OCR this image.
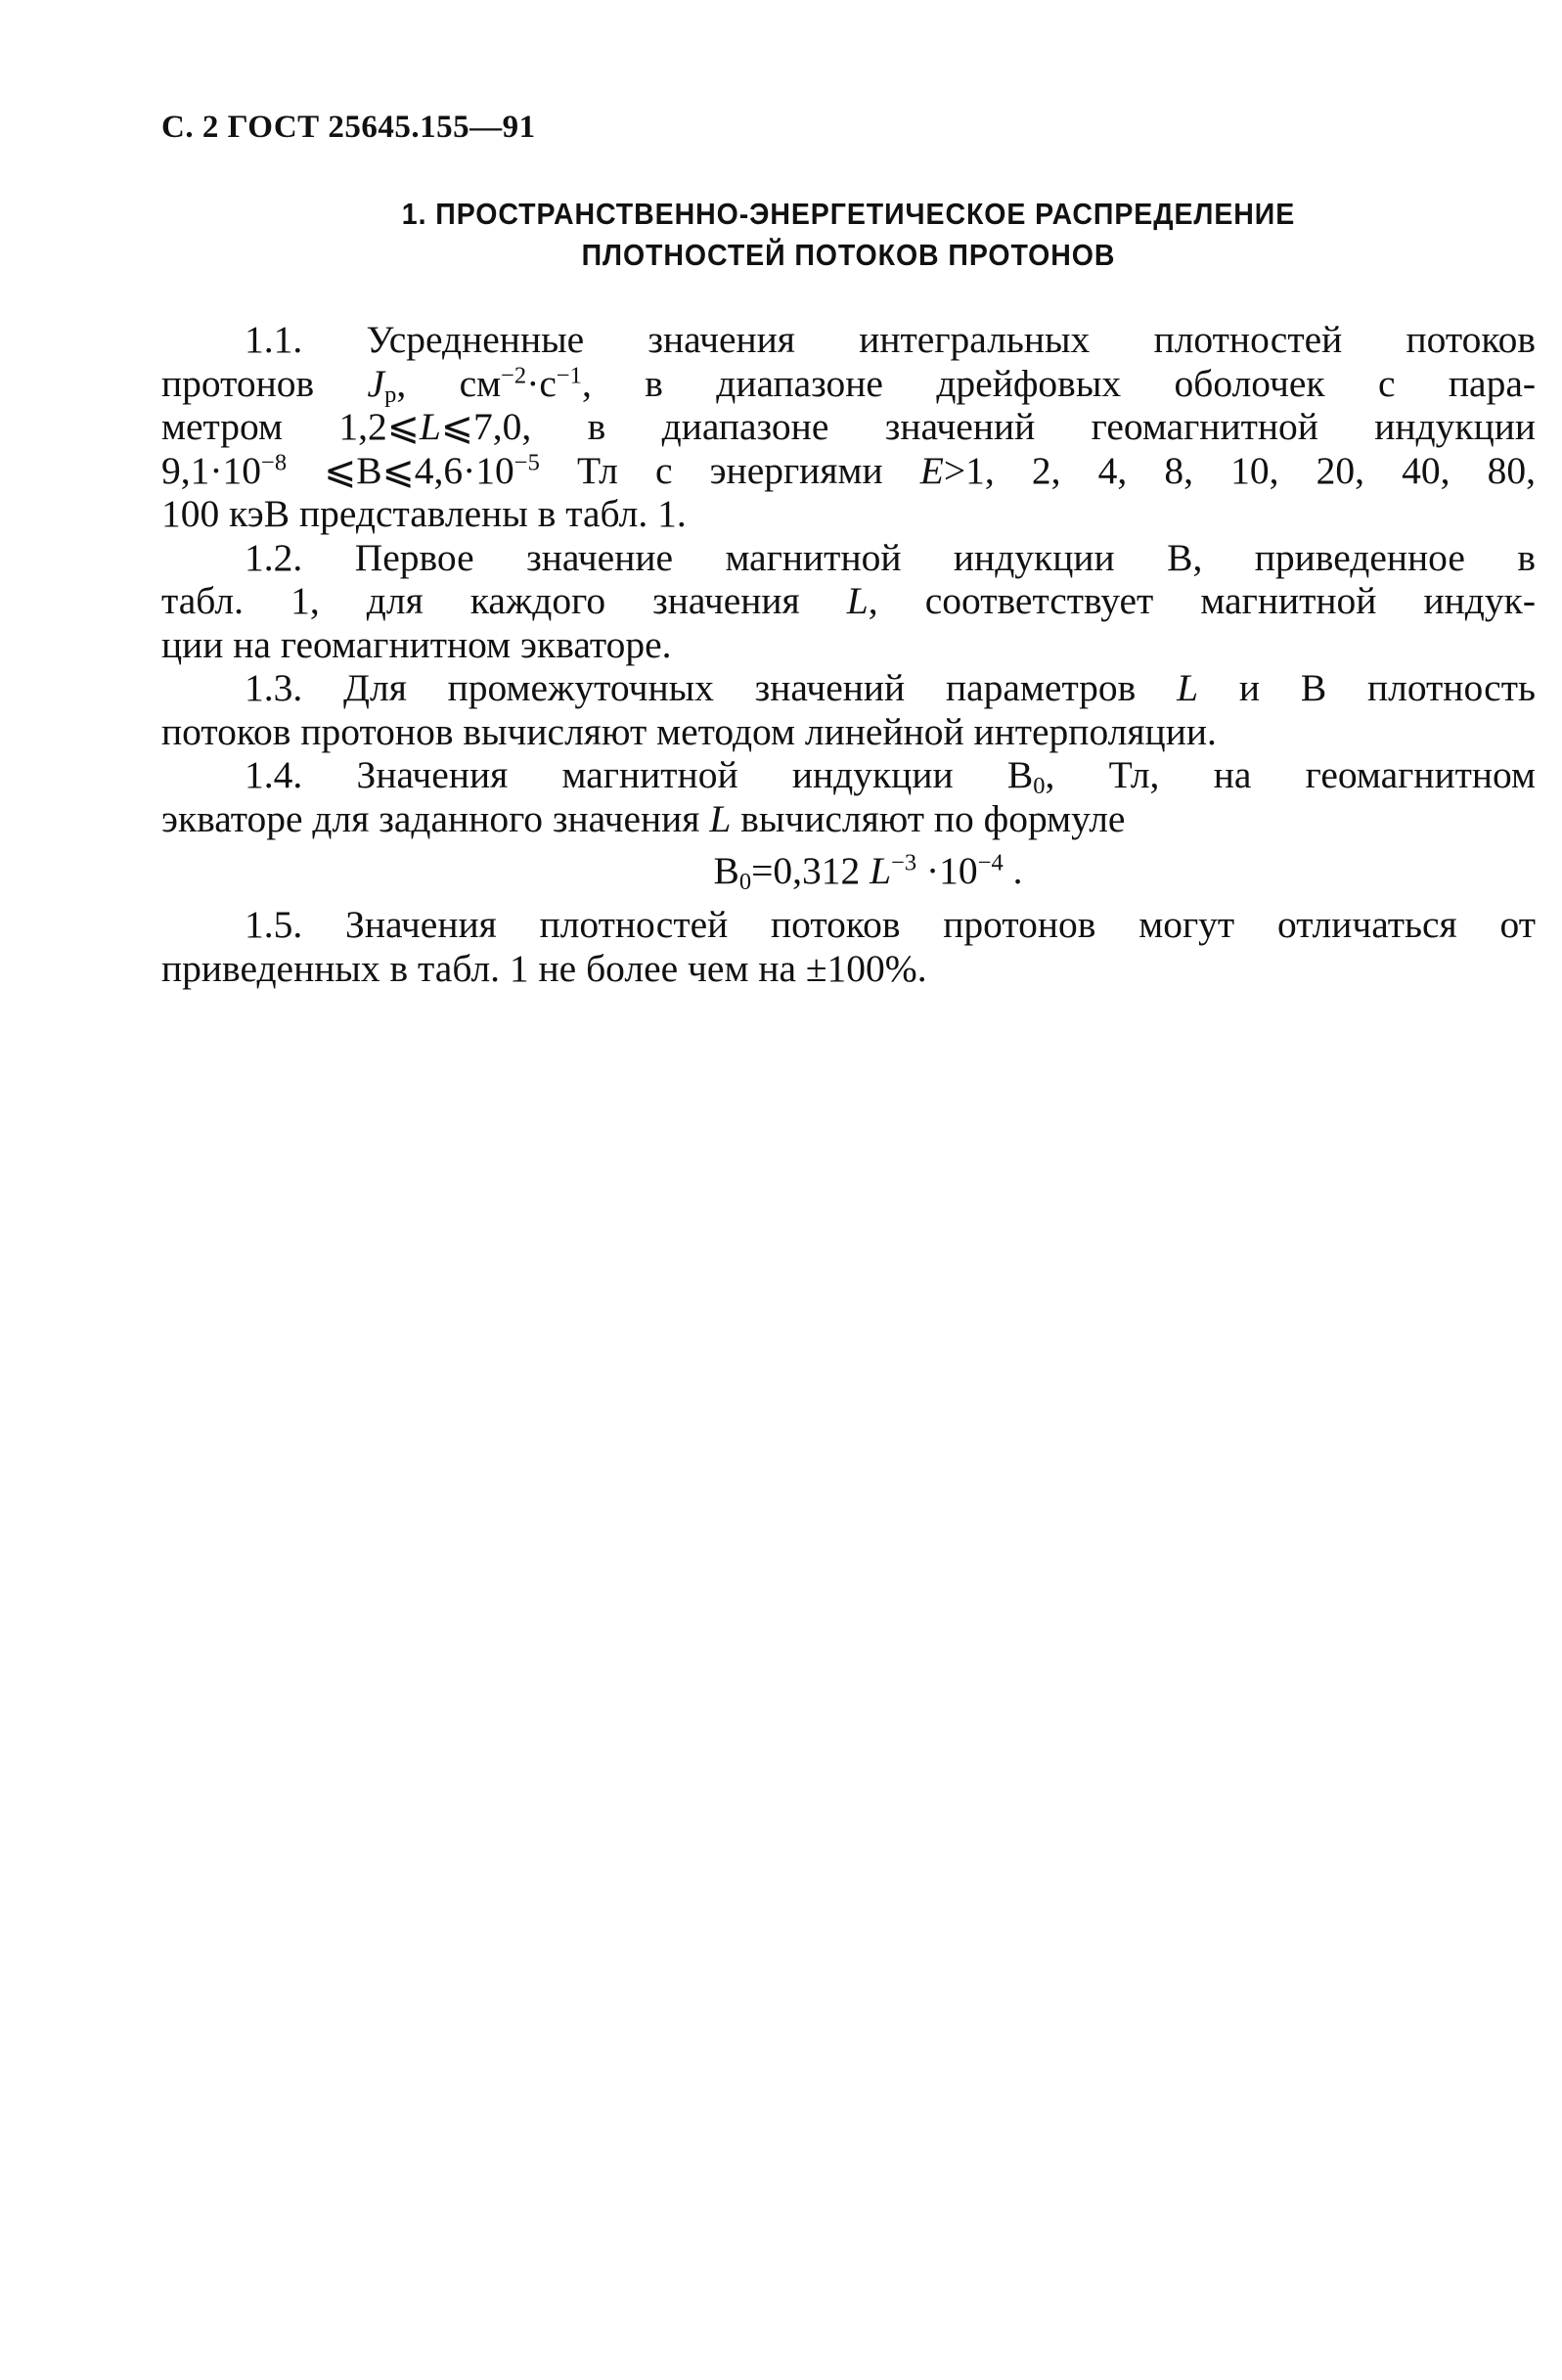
С. 2 ГОСТ 25645.155—91
1. ПРОСТРАНСТВЕННО-ЭНЕРГЕТИЧЕСКОЕ РАСПРЕДЕЛЕНИЕ
ПЛОТНОСТЕЙ ПОТОКОВ ПРОТОНОВ
1.1. Усредненные значения интегральных плотностей потоков
протонов $J_p$, $см^{-2}\cdot с^{-1}$, в диапазоне дрейфовых оболочек с пара-
метром 1,2⩽L⩽7,0, в диапазоне значений геомагнитной индукции
$9,1\cdot 10^{-8}$ $⩽B⩽4,6\cdot 10^{-5}$ Тл с энергиями E>1, 2, 4, 8, 10, 20, 40, 80,
100 кэВ представлены в табл. 1.
1.2. Первое значение магнитной индукции В, приведенное в
табл. 1, для каждого значения L, соответствует магнитной индук-
ции на геомагнитном экваторе.
1.3. Для промежуточных значений параметров L и В плотность
потоков протонов вычисляют методом линейной интерполяции.
1.4. Значения магнитной индукции $В_0$, Тл, на геомагнитном
экваторе для заданного значения L вычисляют по формуле
$B_0=0,312$ $L^{-3} \cdot 10^{-4}$ .
1.5. Значения плотностей потоков протонов могут отличаться от
приведенных в табл. 1 не более чем на ±100%.
